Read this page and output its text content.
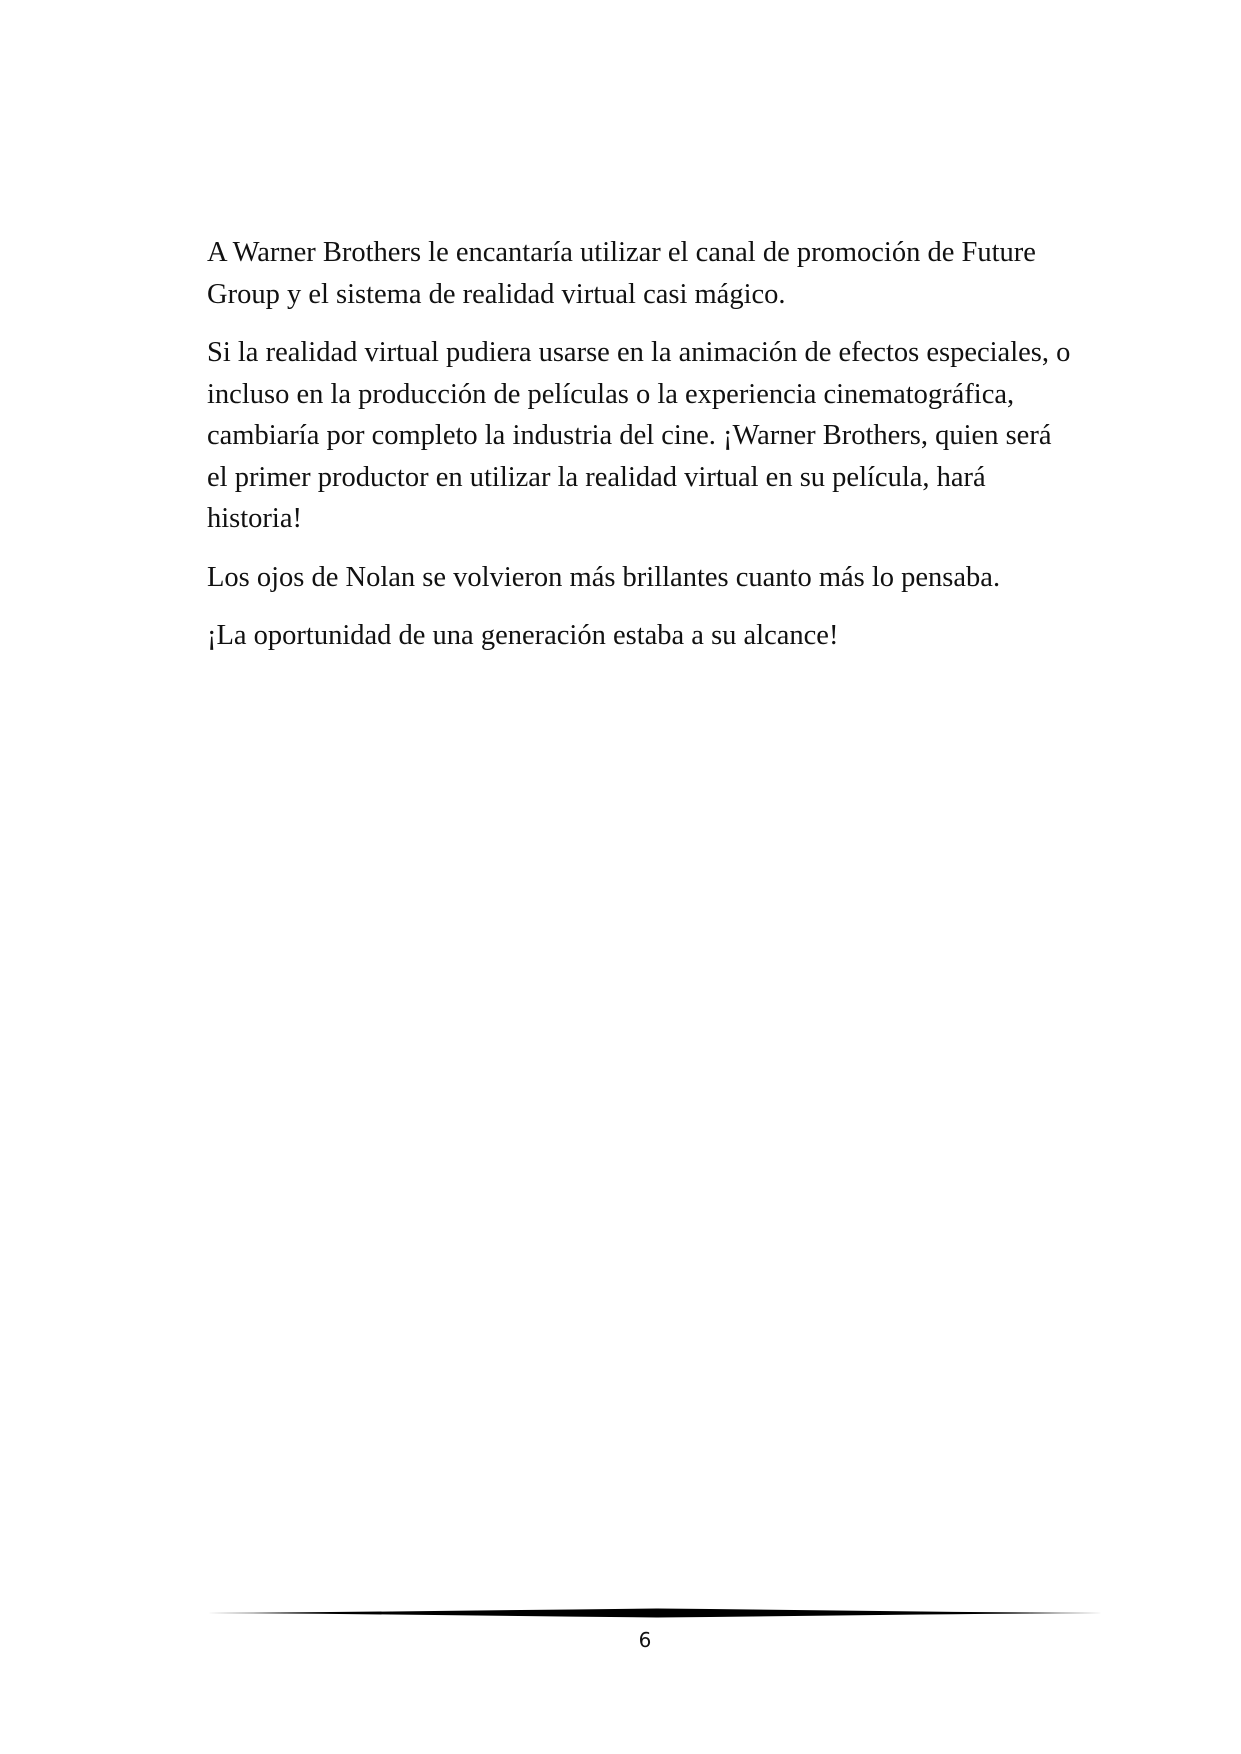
A Warner Brothers le encantaría utilizar el canal de promoción de Future Group y el sistema de realidad virtual casi mágico.

Si la realidad virtual pudiera usarse en la animación de efectos especiales, o incluso en la producción de películas o la experiencia cinematográfica, cambiaría por completo la industria del cine. ¡Warner Brothers, quien será el primer productor en utilizar la realidad virtual en su película, hará historia!

Los ojos de Nolan se volvieron más brillantes cuanto más lo pensaba.

¡La oportunidad de una generación estaba a su alcance!

6
